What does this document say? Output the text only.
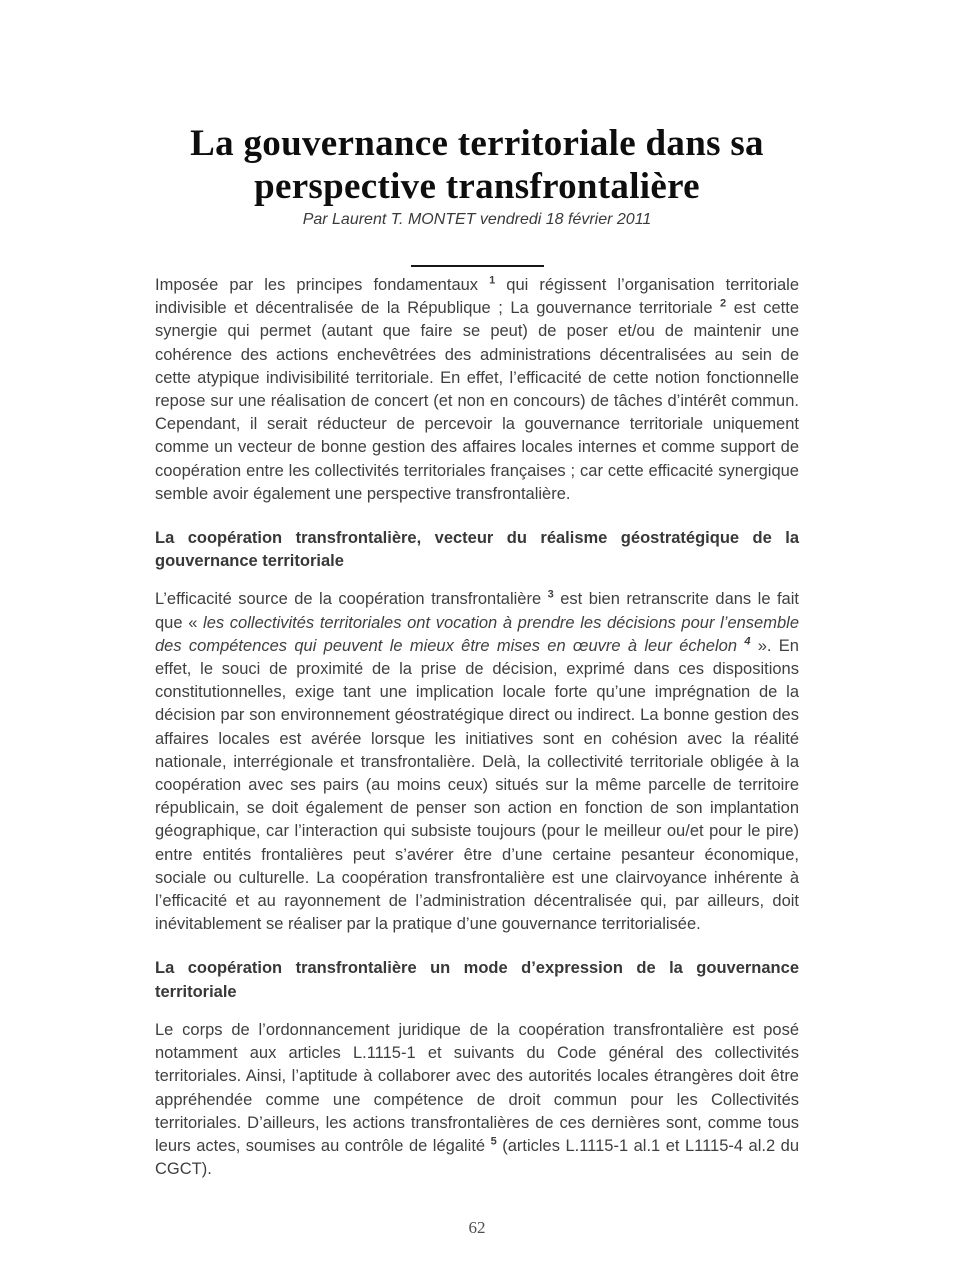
La gouvernance territoriale dans sa
perspective transfrontalière
Par Laurent T. MONTET vendredi 18 février 2011
Imposée par les principes fondamentaux $^1$ qui régissent l’organisation territoriale indivisible et décentralisée de la République ; La gouvernance territoriale $^2$ est cette synergie qui permet (autant que faire se peut) de poser et/ou de maintenir une cohérence des actions enchevêtrées des administrations décentralisées au sein de cette atypique indivisibilité territoriale. En effet, l’efficacité de cette notion fonctionnelle repose sur une réalisation de concert (et non en concours) de tâches d’intérêt commun. Cependant, il serait réducteur de percevoir la gouvernance territoriale uniquement comme un vecteur de bonne gestion des affaires locales internes et comme support de coopération entre les collectivités territoriales françaises ; car cette efficacité synergique semble avoir également une perspective transfrontalière.
La coopération transfrontalière, vecteur du réalisme géostratégique de la gouvernance territoriale
L’efficacité source de la coopération transfrontalière $^3$ est bien retranscrite dans le fait que « les collectivités territoriales ont vocation à prendre les décisions pour l’ensemble des compétences qui peuvent le mieux être mises en œuvre à leur échelon $^4$ ». En effet, le souci de proximité de la prise de décision, exprimé dans ces dispositions constitutionnelles, exige tant une implication locale forte qu’une imprégnation de la décision par son environnement géostratégique direct ou indirect. La bonne gestion des affaires locales est avérée lorsque les initiatives sont en cohésion avec la réalité nationale, interrégionale et transfrontalière. Delà, la collectivité territoriale obligée à la coopération avec ses pairs (au moins ceux) situés sur la même parcelle de territoire républicain, se doit également de penser son action en fonction de son implantation géographique, car l’interaction qui subsiste toujours (pour le meilleur ou/et pour le pire) entre entités frontalières peut s’avérer être d’une certaine pesanteur économique, sociale ou culturelle. La coopération transfrontalière est une clairvoyance inhérente à l’efficacité et au rayonnement de l’administration décentralisée qui, par ailleurs, doit inévitablement se réaliser par la pratique d’une gouvernance territorialisée.
La coopération transfrontalière un mode d’expression de la gouvernance territoriale
Le corps de l’ordonnancement juridique de la coopération transfrontalière est posé notamment aux articles L.1115-1 et suivants du Code général des collectivités territoriales. Ainsi, l’aptitude à collaborer avec des autorités locales étrangères doit être appréhendée comme une compétence de droit commun pour les Collectivités territoriales. D’ailleurs, les actions transfrontalières de ces dernières sont, comme tous leurs actes, soumises au contrôle de légalité $^5$ (articles L.1115-1 al.1 et L1115-4 al.2 du CGCT).
62
